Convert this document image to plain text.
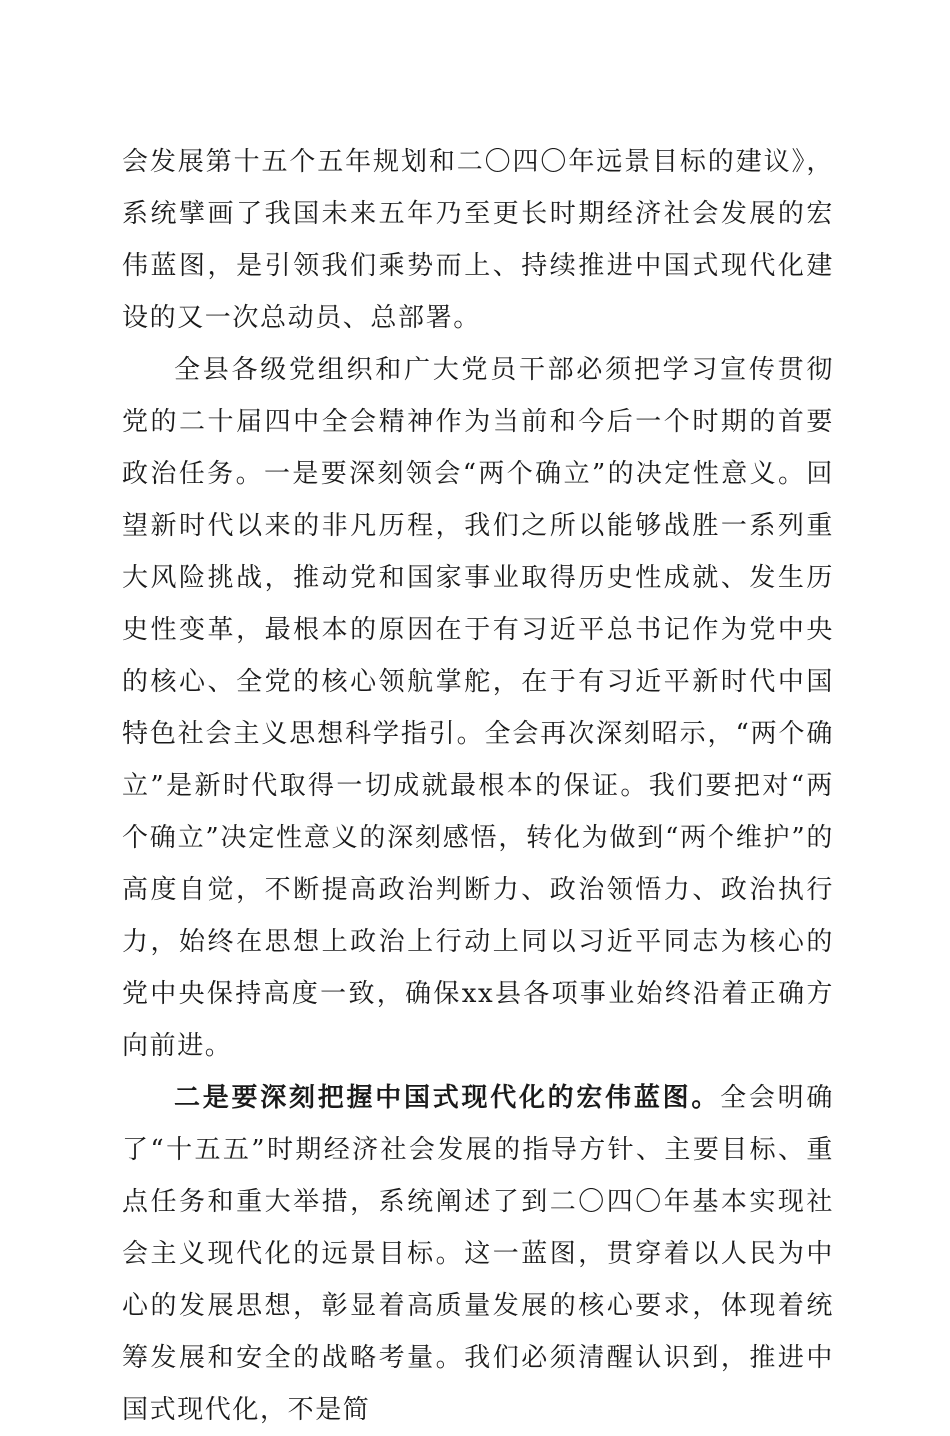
会发展第十五个五年规划和二〇四〇年远景目标的建议》，系统擘画了我国未来五年乃至更长时期经济社会发展的宏伟蓝图，是引领我们乘势而上、持续推进中国式现代化建设的又一次总动员、总部署。

全县各级党组织和广大党员干部必须把学习宣传贯彻党的二十届四中全会精神作为当前和今后一个时期的首要政治任务。一是要深刻领会“两个确立”的决定性意义。回望新时代以来的非凡历程，我们之所以能够战胜一系列重大风险挑战，推动党和国家事业取得历史性成就、发生历史性变革，最根本的原因在于有习近平总书记作为党中央的核心、全党的核心领航掌舵，在于有习近平新时代中国特色社会主义思想科学指引。全会再次深刻昭示，“两个确立”是新时代取得一切成就最根本的保证。我们要把对“两个确立”决定性意义的深刻感悟，转化为做到“两个维护”的高度自觉，不断提高政治判断力、政治领悟力、政治执行力，始终在思想上政治上行动上同以习近平同志为核心的党中央保持高度一致，确保xx县各项事业始终沿着正确方向前进。

二是要深刻把握中国式现代化的宏伟蓝图。全会明确了“十五五”时期经济社会发展的指导方针、主要目标、重点任务和重大举措，系统阐述了到二〇四〇年基本实现社会主义现代化的远景目标。这一蓝图，贯穿着以人民为中心的发展思想，彰显着高质量发展的核心要求，体现着统筹发展和安全的战略考量。我们必须清醒认识到，推进中国式现代化，不是简
